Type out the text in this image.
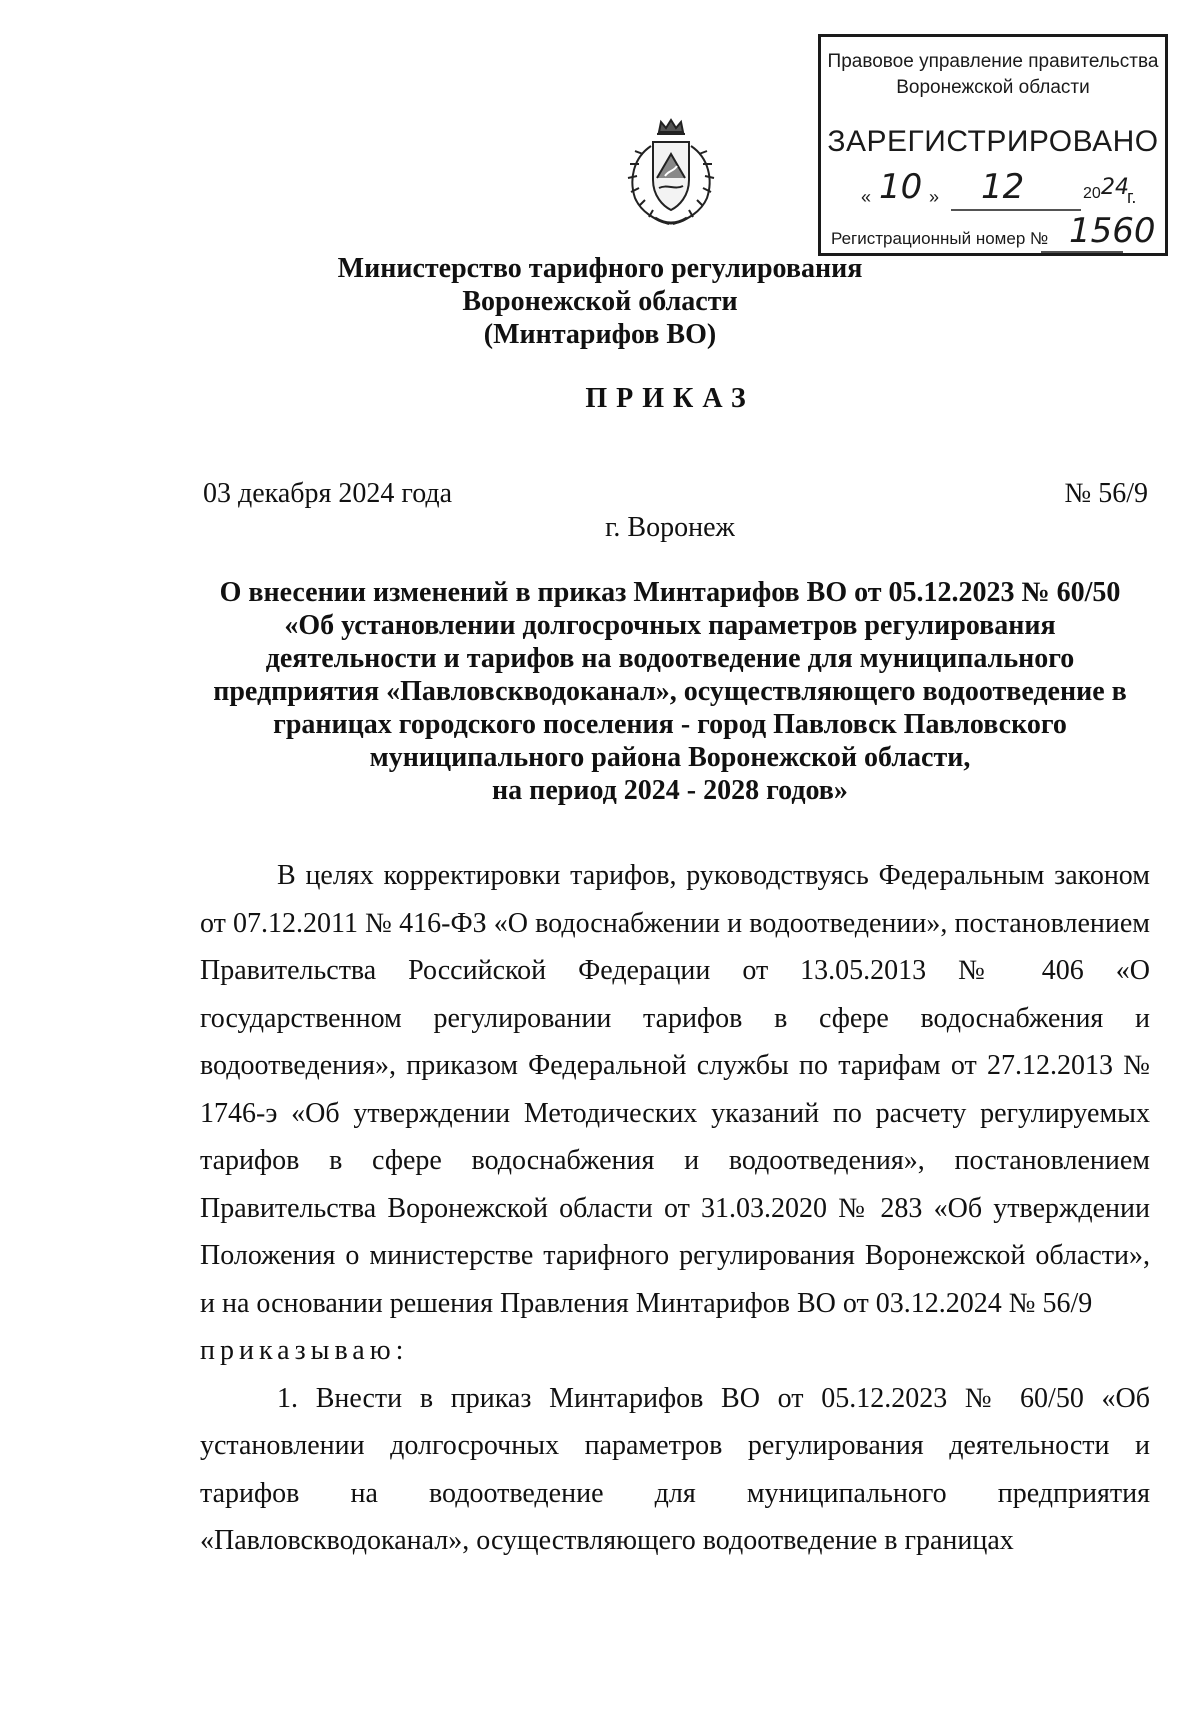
Правовое управление правительства
Воронежской области
ЗАРЕГИСТРИРОВАНО
« 10 » 12	20 24
г.
Регистрационный номер № 1560
Министерство тарифного регулирования
Воронежской области
(Минтарифов ВО)
ПРИКАЗ
03 декабря 2024 года	№ 56/9
г. Воронеж
О внесении изменений в приказ Минтарифов ВО от 05.12.2023 № 60/50
«Об установлении долгосрочных параметров регулирования
деятельности и тарифов на водоотведение для муниципального
предприятия «Павловскводоканал», осуществляющего водоотведение в
границах городского поселения - город Павловск Павловского
муниципального района Воронежской области,
на период 2024 - 2028 годов»

В целях корректировки тарифов, руководствуясь Федеральным законом от 07.12.2011 № 416-ФЗ «О водоснабжении и водоотведении», постановлением Правительства Российской Федерации от 13.05.2013 № 406 «О государственном регулировании тарифов в сфере водоснабжения и водоотведения», приказом Федеральной службы по тарифам от 27.12.2013 № 1746-э «Об утверждении Методических указаний по расчету регулируемых тарифов в сфере водоснабжения и водоотведения», постановлением Правительства Воронежской области от 31.03.2020 № 283 «Об утверждении Положения о министерстве тарифного регулирования Воронежской области», и на основании решения Правления Минтарифов ВО от 03.12.2024 № 56/9

приказываю:

1. Внести в приказ Минтарифов ВО от 05.12.2023 № 60/50 «Об установлении долгосрочных параметров регулирования деятельности и тарифов на водоотведение для муниципального предприятия «Павловскводоканал», осуществляющего водоотведение в границах
